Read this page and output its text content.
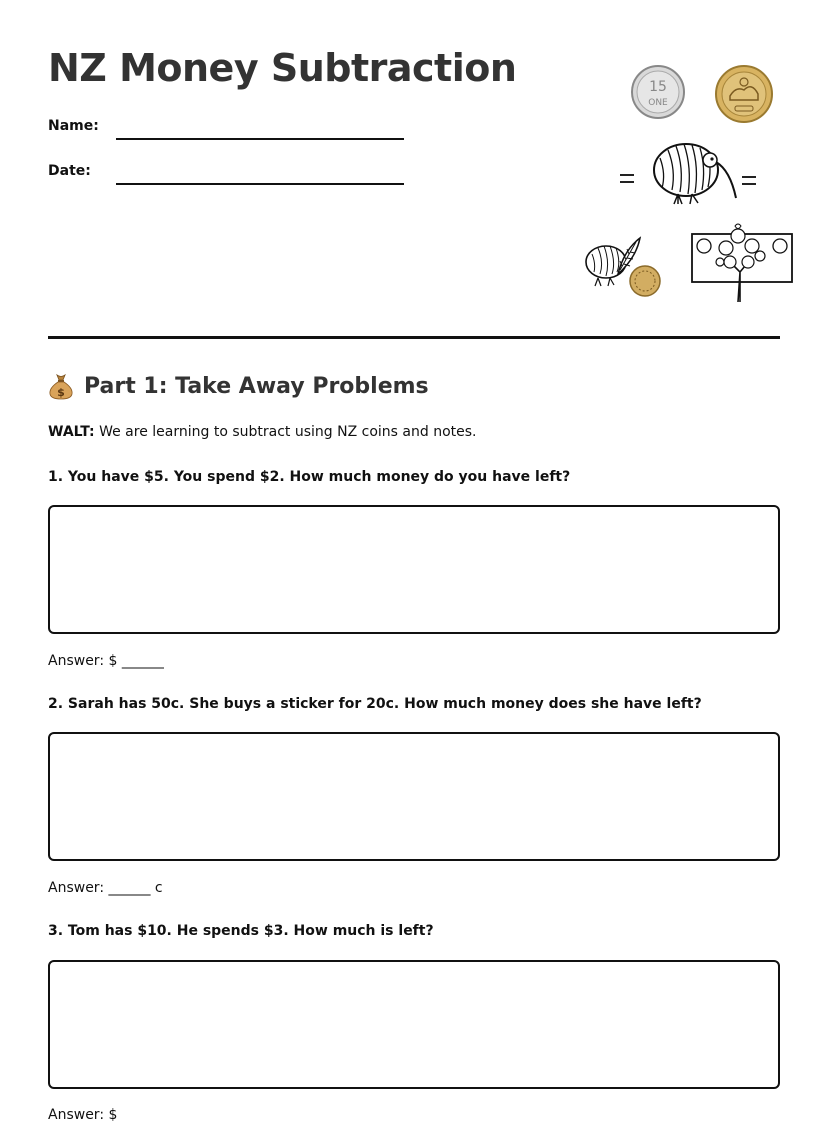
NZ Money Subtraction
Name:
Date:
15
ONE
$ Part 1: Take Away Problems
WALT: We are learning to subtract using NZ coins and notes.
1. You have $5. You spend $2. How much money do you have left?
Answer: $ ______
2. Sarah has 50c. She buys a sticker for 20c. How much money does she have left?
Answer: ______ c
3. Tom has $10. He spends $3. How much is left?
Answer: $
